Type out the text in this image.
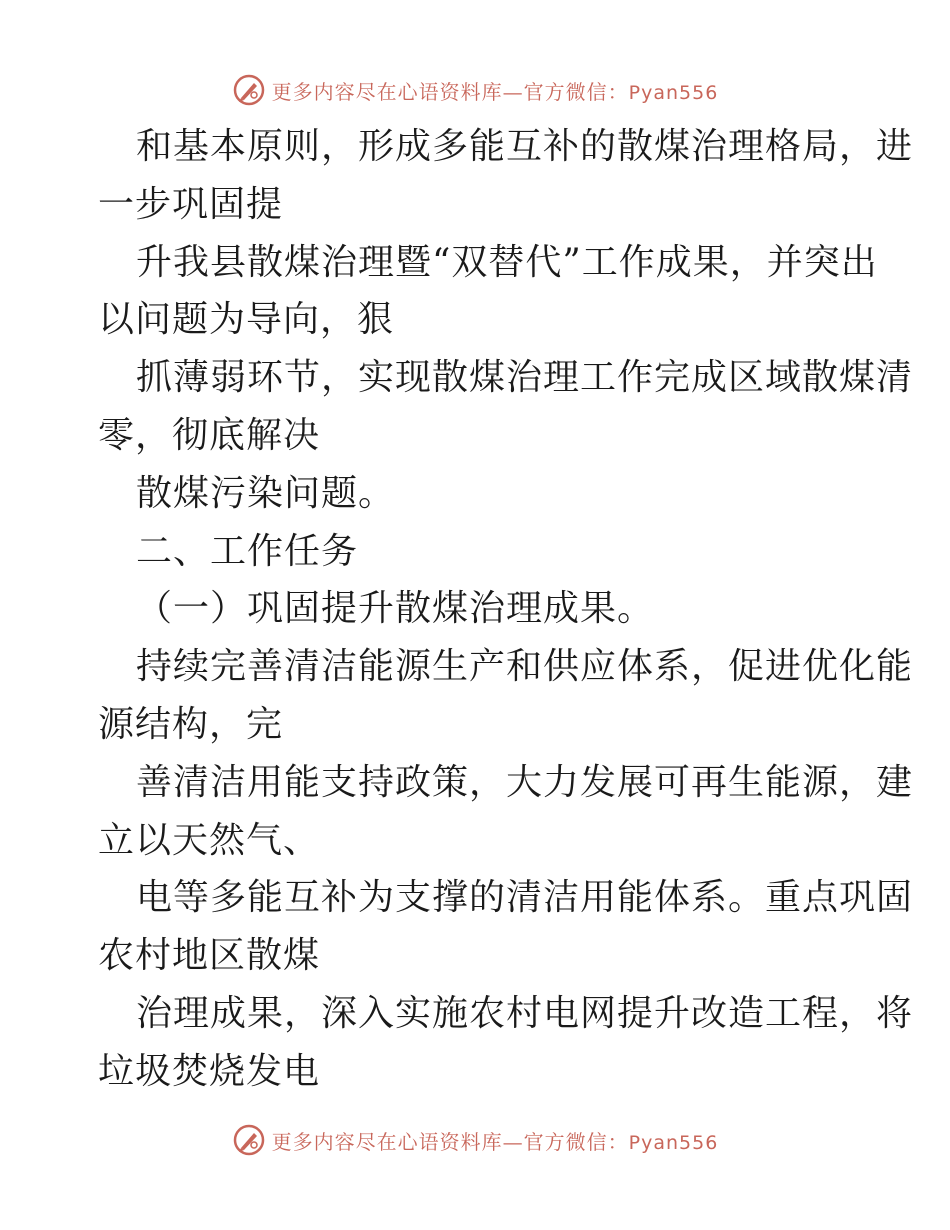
更多内容尽在心语资料库—官方微信：Pyan556
和基本原则，形成多能互补的散煤治理格局，进
一步巩固提
升我县散煤治理暨“双替代”工作成果，并突出
以问题为导向，狠
抓薄弱环节，实现散煤治理工作完成区域散煤清
零，彻底解决
散煤污染问题。
二、工作任务
（一）巩固提升散煤治理成果。
持续完善清洁能源生产和供应体系，促进优化能
源结构，完
善清洁用能支持政策，大力发展可再生能源，建
立以天然气、
电等多能互补为支撑的清洁用能体系。重点巩固
农村地区散煤
治理成果，深入实施农村电网提升改造工程，将
垃圾焚烧发电
更多内容尽在心语资料库—官方微信：Pyan556
